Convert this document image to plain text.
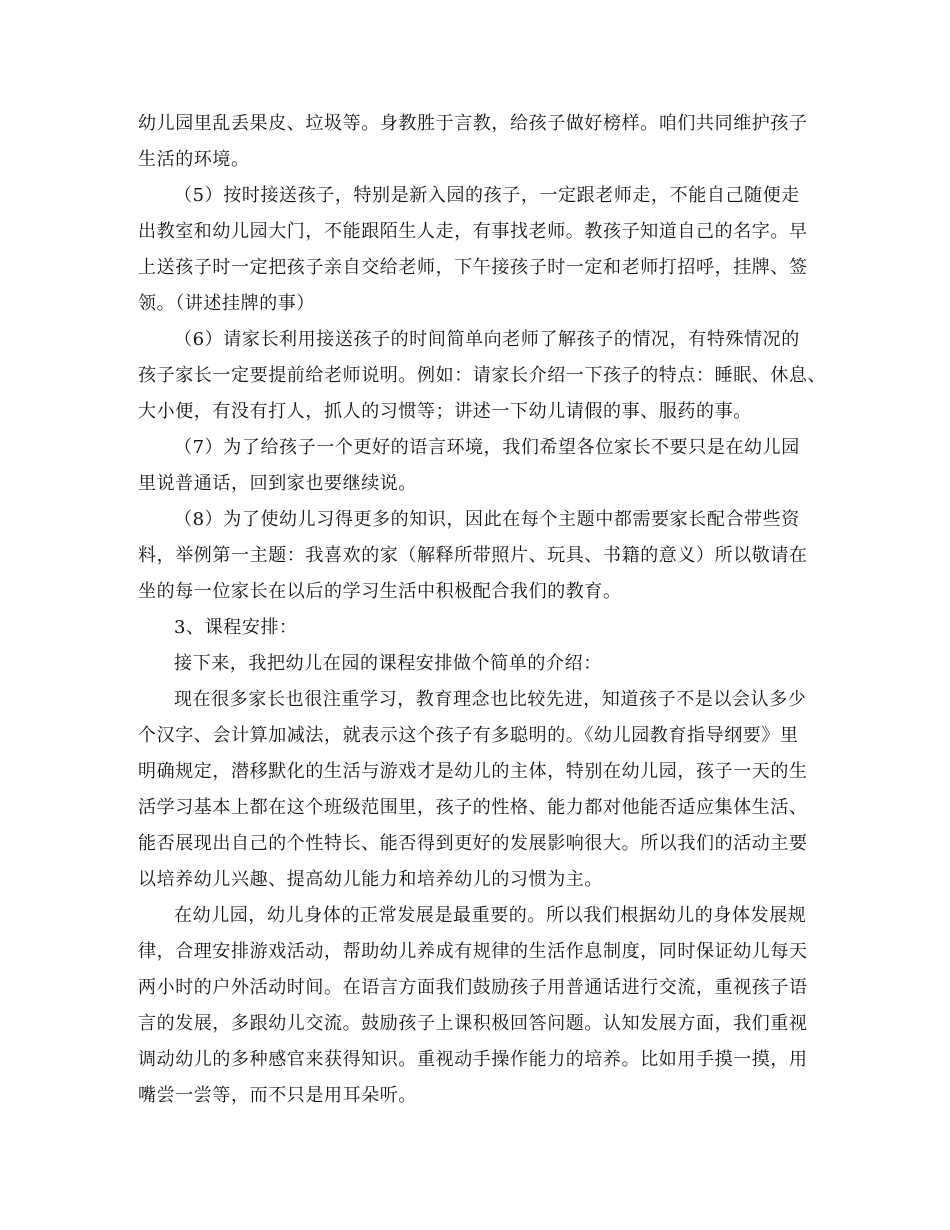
幼儿园里乱丢果皮、垃圾等。身教胜于言教，给孩子做好榜样。咱们共同维护孩子
生活的环境。
（5）按时接送孩子，特别是新入园的孩子，一定跟老师走，不能自己随便走
出教室和幼儿园大门，不能跟陌生人走，有事找老师。教孩子知道自己的名字。早
上送孩子时一定把孩子亲自交给老师，下午接孩子时一定和老师打招呼，挂牌、签
领。（讲述挂牌的事）
（6）请家长利用接送孩子的时间简单向老师了解孩子的情况，有特殊情况的
孩子家长一定要提前给老师说明。例如：请家长介绍一下孩子的特点：睡眠、休息、
大小便，有没有打人，抓人的习惯等；讲述一下幼儿请假的事、服药的事。
（7）为了给孩子一个更好的语言环境，我们希望各位家长不要只是在幼儿园
里说普通话，回到家也要继续说。
（8）为了使幼儿习得更多的知识，因此在每个主题中都需要家长配合带些资
料，举例第一主题：我喜欢的家（解释所带照片、玩具、书籍的意义）所以敬请在
坐的每一位家长在以后的学习生活中积极配合我们的教育。
3、课程安排：
接下来，我把幼儿在园的课程安排做个简单的介绍：
现在很多家长也很注重学习，教育理念也比较先进，知道孩子不是以会认多少
个汉字、会计算加减法，就表示这个孩子有多聪明的。《幼儿园教育指导纲要》里
明确规定，潜移默化的生活与游戏才是幼儿的主体，特别在幼儿园，孩子一天的生
活学习基本上都在这个班级范围里，孩子的性格、能力都对他能否适应集体生活、
能否展现出自己的个性特长、能否得到更好的发展影响很大。所以我们的活动主要
以培养幼儿兴趣、提高幼儿能力和培养幼儿的习惯为主。
在幼儿园，幼儿身体的正常发展是最重要的。所以我们根据幼儿的身体发展规
律，合理安排游戏活动，帮助幼儿养成有规律的生活作息制度，同时保证幼儿每天
两小时的户外活动时间。在语言方面我们鼓励孩子用普通话进行交流，重视孩子语
言的发展，多跟幼儿交流。鼓励孩子上课积极回答问题。认知发展方面，我们重视
调动幼儿的多种感官来获得知识。重视动手操作能力的培养。比如用手摸一摸，用
嘴尝一尝等，而不只是用耳朵听。
